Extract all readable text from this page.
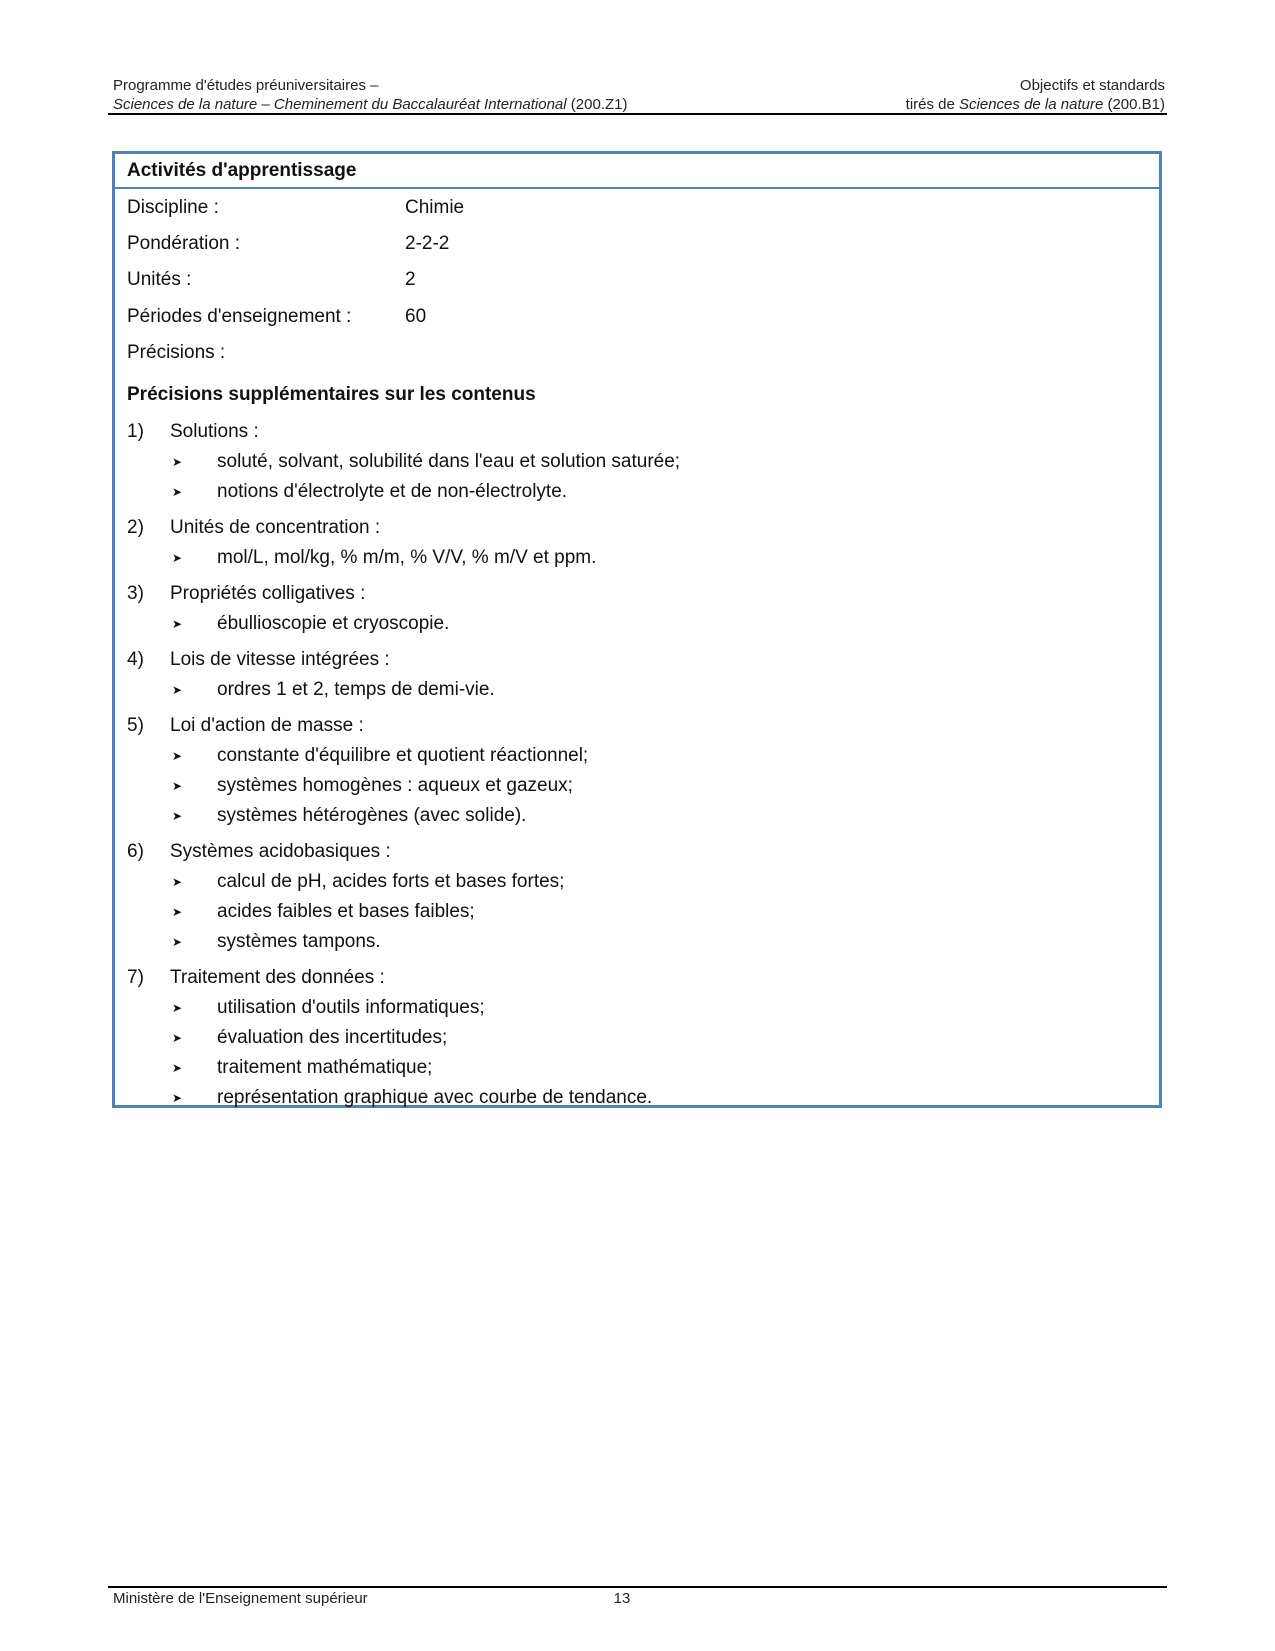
Programme d'études préuniversitaires –	Objectifs et standards
Sciences de la nature – Cheminement du Baccalauréat International (200.Z1)	tirés de Sciences de la nature (200.B1)
Activités d'apprentissage
Discipline :	Chimie
Pondération :	2-2-2
Unités :	2
Périodes d'enseignement :	60
Précisions :
Précisions supplémentaires sur les contenus
1)	Solutions :
➤	soluté, solvant, solubilité dans l'eau et solution saturée;
➤	notions d'électrolyte et de non-électrolyte.
2)	Unités de concentration :
➤	mol/L, mol/kg, % m/m, % V/V, % m/V et ppm.
3)	Propriétés colligatives :
➤	ébullioscopie et cryoscopie.
4)	Lois de vitesse intégrées :
➤	ordres 1 et 2, temps de demi-vie.
5)	Loi d'action de masse :
➤	constante d'équilibre et quotient réactionnel;
➤	systèmes homogènes : aqueux et gazeux;
➤	systèmes hétérogènes (avec solide).
6)	Systèmes acidobasiques :
➤	calcul de pH, acides forts et bases fortes;
➤	acides faibles et bases faibles;
➤	systèmes tampons.
7)	Traitement des données :
➤	utilisation d'outils informatiques;
➤	évaluation des incertitudes;
➤	traitement mathématique;
➤	représentation graphique avec courbe de tendance.
Ministère de l'Enseignement supérieur	13
